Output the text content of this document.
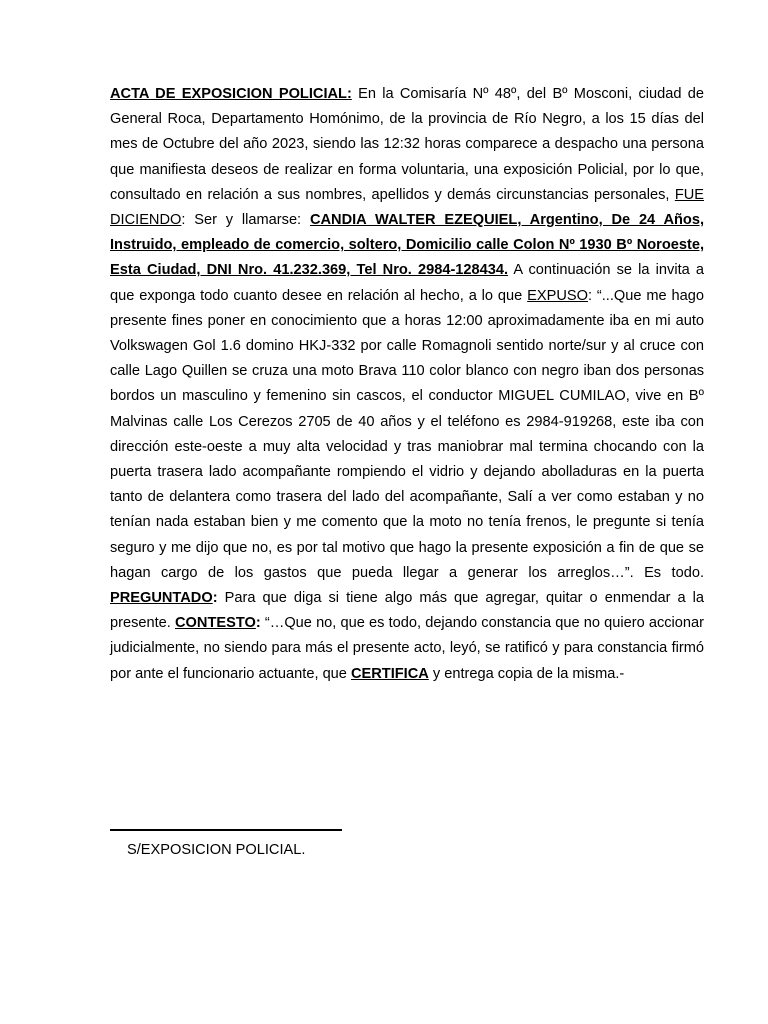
ACTA DE EXPOSICION POLICIAL: En la Comisaría Nº 48º, del Bº Mosconi, ciudad de General Roca, Departamento Homónimo, de la provincia de Río Negro, a los 15 días del mes de Octubre del año 2023, siendo las 12:32 horas comparece a despacho una persona que manifiesta deseos de realizar en forma voluntaria, una exposición Policial, por lo que, consultado en relación a sus nombres, apellidos y demás circunstancias personales, FUE DICIENDO: Ser y llamarse: CANDIA WALTER EZEQUIEL, Argentino, De 24 Años, Instruido, empleado de comercio, soltero, Domicilio calle Colon Nº 1930 Bº Noroeste, Esta Ciudad, DNI Nro. 41.232.369, Tel Nro. 2984-128434. A continuación se la invita a que exponga todo cuanto desee en relación al hecho, a lo que EXPUSO: “...Que me hago presente fines poner en conocimiento que a horas 12:00 aproximadamente iba en mi auto Volkswagen Gol 1.6 domino HKJ-332 por calle Romagnoli sentido norte/sur y al cruce con calle Lago Quillen se cruza una moto Brava 110 color blanco con negro iban dos personas bordos un masculino y femenino sin cascos, el conductor MIGUEL CUMILAO, vive en Bº Malvinas calle Los Cerezos 2705 de 40 años y el teléfono es 2984-919268, este iba con dirección este-oeste a muy alta velocidad y tras maniobrar mal termina chocando con la puerta trasera lado acompañante rompiendo el vidrio y dejando abolladuras en la puerta tanto de delantera como trasera del lado del acompañante, Salí a ver como estaban y no tenían nada estaban bien y me comento que la moto no tenía frenos, le pregunte si tenía seguro y me dijo que no, es por tal motivo que hago la presente exposición a fin de que se hagan cargo de los gastos que pueda llegar a generar los arreglos…”. Es todo. PREGUNTADO: Para que diga si tiene algo más que agregar, quitar o enmendar a la presente. CONTESTO: “…Que no, que es todo, dejando constancia que no quiero accionar judicialmente, no siendo para más el presente acto, leyó, se ratificó y para constancia firmó por ante el funcionario actuante, que CERTIFICA y entrega copia de la misma.-

S/EXPOSICION POLICIAL.
